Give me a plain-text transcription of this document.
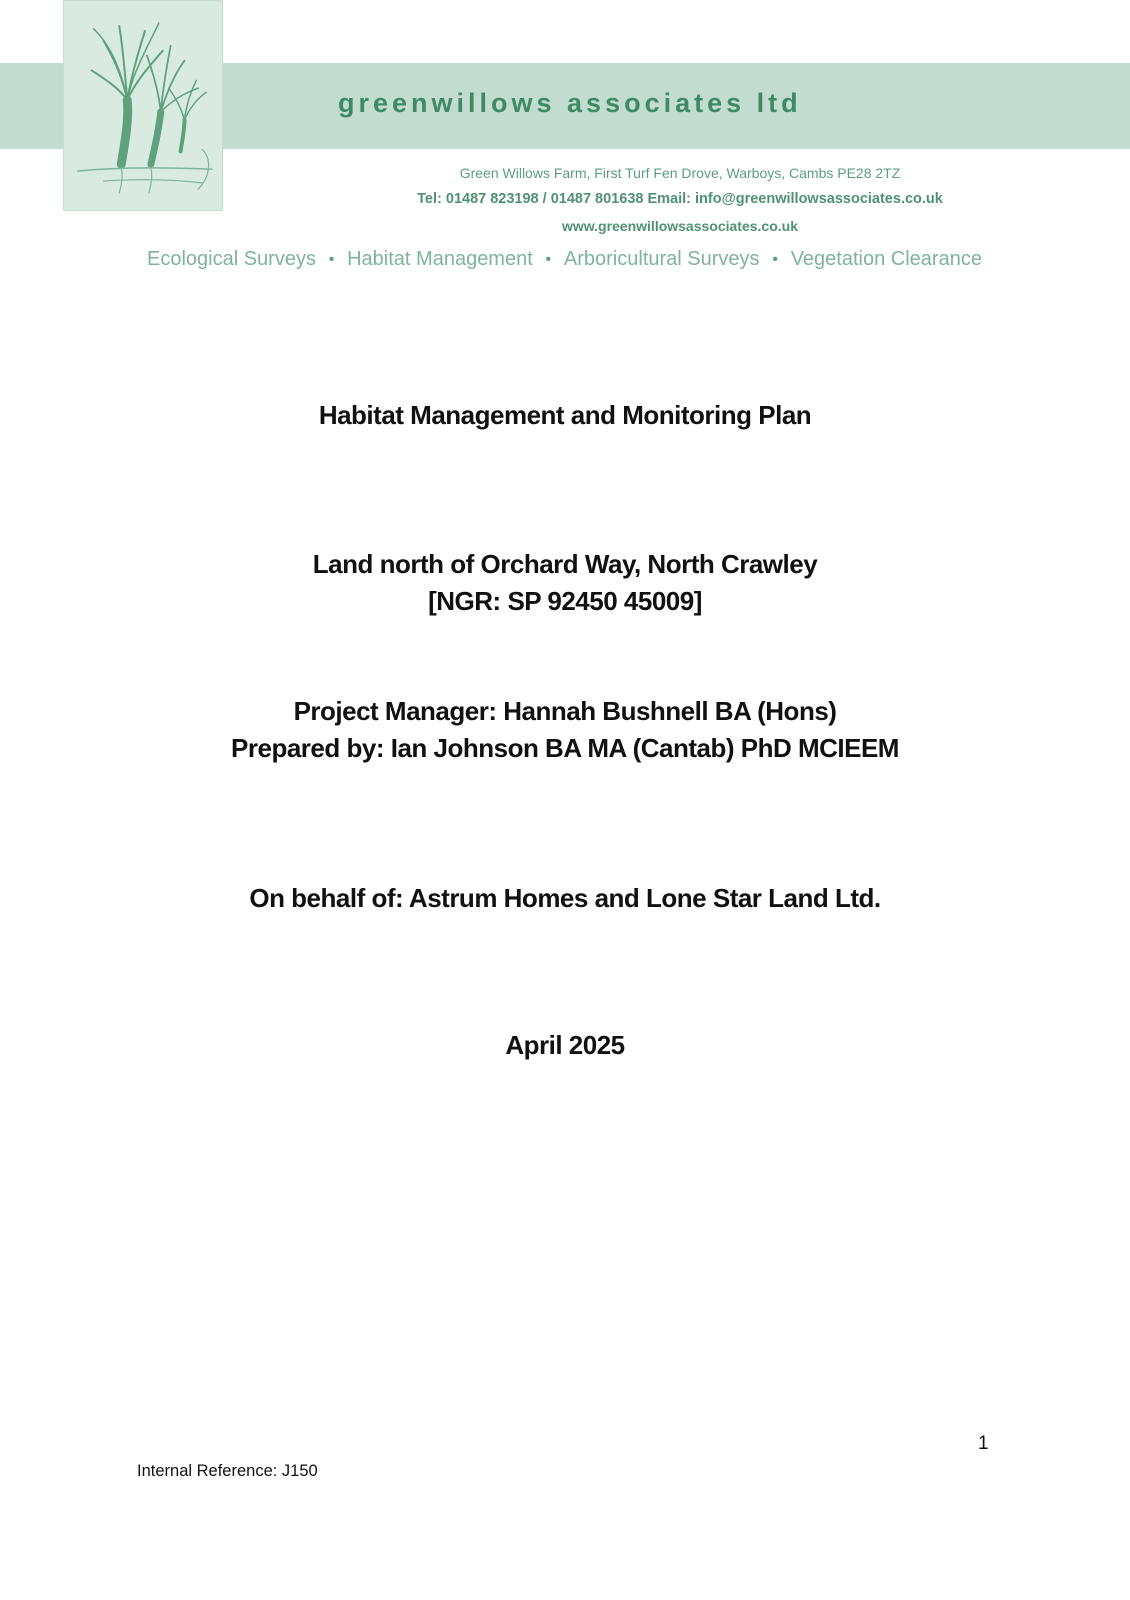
greenwillows associates ltd
Green Willows Farm, First Turf Fen Drove, Warboys, Cambs PE28 2TZ
Tel: 01487 823198 / 01487 801638 Email: info@greenwillowsassociates.co.uk
www.greenwillowsassociates.co.uk
Ecological Surveys • Habitat Management • Arboricultural Surveys • Vegetation Clearance
Habitat Management and Monitoring Plan
Land north of Orchard Way, North Crawley
[NGR: SP 92450 45009]
Project Manager: Hannah Bushnell BA (Hons)
Prepared by: Ian Johnson BA MA (Cantab) PhD MCIEEM
On behalf of: Astrum Homes and Lone Star Land Ltd.
April 2025
1
Internal Reference: J150
